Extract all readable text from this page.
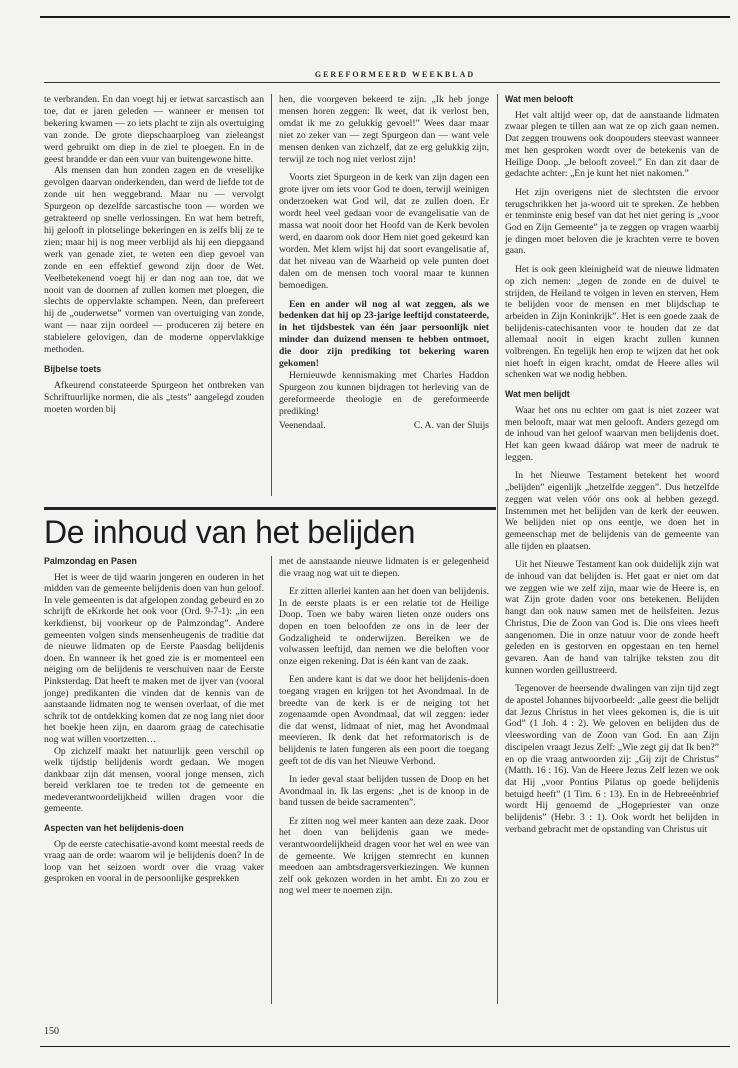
GEREFORMEERD WEEKBLAD

te verbranden. En dan voegt hij er ietwat sarcastisch aan toe, dat er jaren geleden — wanneer er mensen tot bekering kwamen — zo iets placht te zijn als overtuiging van zonde. De grote diepschaarploeg van zieleangst werd gebruikt om diep in de ziel te ploegen. En in de geest brandde er dan een vuur van buitengewone hitte.

Als mensen dan hun zonden zagen en de vreselijke gevolgen daarvan onderkenden, dan werd de liefde tot de zonde uit hen weggebrand. Maar nu — vervolgt Spurgeon op dezelfde sarcastische toon — worden we getrakteerd op snelle verlossingen. En wat hem betreft, hij gelooft in plotselinge bekeringen en is zelfs blij ze te zien; maar hij is nog meer verblijd als hij een diepgaand werk van genade ziet, te weten een diep gevoel van zonde en een effektief gewond zijn door de Wet. Veelbetekenend voegt hij er dan nog aan toe, dat we nooit van de doornen af zullen komen met ploegen, die slechts de oppervlakte schampen. Neen, dan prefereert hij de „ouderwetse” vormen van overtuiging van zonde, want — naar zijn oordeel — produceren zij betere en stabielere gelovigen, dan de moderne oppervlakkige methoden.

Bijbelse toets

Afkeurend constateerde Spurgeon het ontbreken van Schriftuurlijke normen, die als „tests” aangelegd zouden moeten worden bij

hen, die voorgeven bekeerd te zijn. „Ik heb jonge mensen horen zeggen: Ik weet, dat ik verlost ben, omdat ik me zo gelukkig gevoel!” Wees daar maar niet zo zeker van — zegt Spurgeon dan — want vele mensen denken van zichzelf, dat ze erg gelukkig zijn, terwijl ze toch nog niet verlost zijn!

Voorts ziet Spurgeon in de kerk van zijn dagen een grote ijver om iets voor God te doen, terwijl weinigen onderzoeken wat God wil, dat ze zullen doen. Er wordt heel veel gedaan voor de evangelisatie van de massa wat nooit door het Hoofd van de Kerk bevolen werd, en daarom ook door Hem niet goed gekeurd kan worden. Met klem wijst hij dat soort evangelisatie af, dat het niveau van de Waarheid op vele punten doet dalen om de mensen toch vooral maar te kunnen bemoedigen.

Een en ander wil nog al wat zeggen, als we bedenken dat hij op 23-jarige leeftijd constateerde, in het tijdsbestek van één jaar persoonlijk niet minder dan duizend mensen te hebben ontmoet, die door zijn prediking tot bekering waren gekomen!

Hernieuwde kennismaking met Charles Haddon Spurgeon zou kunnen bijdragen tot herleving van de gereformeerde theologie en de gereformeerde prediking!

Veenendaal.	C. A. van der Sluijs
Wat men belooft

Het valt altijd weer op, dat de aanstaande lidmaten zwaar plegen te tillen aan wat ze op zich gaan nemen. Dat zeggen trouwens ook doopouders steevast wanneer met hen gesproken wordt over de betekenis van de Heilige Doop. „Je belooft zoveel.” En dan zit daar de gedachte achter: „En je kunt het niet nakomen.”

Het zijn overigens niet de slechtsten die ervoor terugschrikken het ja-woord uit te spreken. Ze hebben er tenminste enig besef van dat het niet gering is „voor God en Zijn Gemeente” ja te zeggen op vragen waarbij je dingen moet beloven die je krachten verre te boven gaan.

Het is ook geen kleinigheid wat de nieuwe lidmaten op zich nemen: „tegen de zonde en de duivel te strijden, de Heiland te volgen in leven en sterven, Hem te belijden voor de mensen en met blijdschap te arbeiden in Zijn Koninkrijk”. Het is een goede zaak de belijdenis-catechisanten voor te houden dat ze dat allemaal nooit in eigen kracht zullen kunnen volbrengen. En tegelijk hen erop te wijzen dat het ook niet hoeft in eigen kracht, omdat de Heere alles wil schenken wat we nodig hebben.

Wat men belijdt

Waar het ons nu echter om gaat is niet zozeer wat men belooft, maar wat men gelooft. Anders gezegd om de inhoud van het geloof waarvan men belijdenis doet. Het kan geen kwaad dáárop wat meer de nadruk te leggen.

In het Nieuwe Testament betekent het woord „belijden” eigenlijk „hetzelfde zeggen”. Dus hetzelfde zeggen wat velen vóór ons ook al hebben gezegd. Instemmen met het belijden van de kerk der eeuwen. We belijden niet op ons eentje, we doen het in gemeenschap met de belijdenis van de gemeente van alle tijden en plaatsen.

Uit het Nieuwe Testament kan ook duidelijk zijn wat de inhoud van dat belijden is. Het gaat er niet om dat we zeggen wie we zelf zijn, maar wie de Heere is, en wat Zijn grote daden voor ons betekenen. Belijden hangt dan ook nauw samen met de heilsfeiten. Jezus Christus, Die de Zoon van God is. Die ons vlees heeft aangenomen. Die in onze natuur voor de zonde heeft geleden en is gestorven en opgestaan en ten hemel gevaren. Aan de hand van talrijke teksten zou dit kunnen worden geïllustreerd.

Tegenover de heersende dwalingen van zijn tijd zegt de apostel Johannes bijvoorbeeld: „alle geest die belijdt dat Jezus Christus in het vlees gekomen is, die is uit God” (1 Joh. 4 : 2). We geloven en belijden dus de vleeswording van de Zoon van God. En aan Zijn discipelen vraagt Jezus Zelf: „Wie zegt gij dat Ik ben?” en op die vraag antwoorden zij: „Gij zijt de Christus” (Matth. 16 : 16). Van de Heere Jezus Zelf lezen we ook dat Hij „voor Pontius Pilatus op goede belijdenis betuigd heeft” (1 Tim. 6 : 13). En in de Hebreeënbrief wordt Hij genoemd de „Hogepriester van onze belijdenis” (Hebr. 3 : 1). Ook wordt het belijden in verband gebracht met de opstanding van Christus uit

De inhoud van het belijden
Palmzondag en Pasen

Het is weer de tijd waarin jongeren en ouderen in het midden van de gemeente belijdenis doen van hun geloof. In vele gemeenten is dat afgelopen zondag gebeurd en zo schrijft de eKrkorde het ook voor (Ord. 9-7-1): „in een kerkdienst, bij voorkeur op de Palmzondag”. Andere gemeenten volgen sinds mensenheugenis de traditie dat de nieuwe lidmaten op de Eerste Paasdag belijdenis doen. En wanneer ik het goed zie is er momenteel een neiging om de belijdenis te verschuiven naar de Eerste Pinksterdag. Dat heeft te maken met de ijver van (vooral jonge) predikanten die vinden dat de kennis van de aanstaande lidmaten nog te wensen overlaat, of die met schrik tot de ontdekking komen dat ze nog lang niet door het boekje heen zijn, en daarom graag de catechisatie nog wat willen voortzetten…

Op zichzelf maakt het natuurlijk geen verschil op welk tijdstip belijdenis wordt gedaan. We mogen dankbaar zijn dát mensen, vooral jonge mensen, zich bereid verklaren toe te treden tot de gemeente en medeverantwoordelijkheid willen dragen voor die gemeente.

Aspecten van het belijdenis-doen

Op de eerste catechisatie-avond komt meestal reeds de vraag aan de orde: waarom wil je belijdenis doen? In de loop van het seizoen wordt over die vraag vaker gesproken en vooral in de persoonlijke gesprekken

met de aanstaande nieuwe lidmaten is er gelegenheid die vraag nog wat uit te diepen.

Er zitten allerlei kanten aan het doen van belijdenis. In de eerste plaats is er een relatie tot de Heilige Doop. Toen we baby waren lieten onze ouders ons dopen en toen beloofden ze ons in de leer der Godzaligheid te onderwijzen. Bereiken we de volwassen leeftijd, dan nemen we die beloften voor onze eigen rekening. Dat is één kant van de zaak.

Een andere kant is dat we door het belijdenis-doen toegang vragen en krijgen tot het Avondmaal. In de breedte van de kerk is er de neiging tot het zogenaamde open Avondmaal, dat wil zeggen: ieder die dat wenst, lidmaat of niet, mag het Avondmaal meevieren. Ik denk dat het reformatorisch is de belijdenis te laten fungeren als een poort die toegang geeft tot de dis van het Nieuwe Verbond.

In ieder geval staat belijden tussen de Doop en het Avondmaal in. Ik las ergens: „het is de knoop in de band tussen de beide sacramenten”.

Er zitten nog wel meer kanten aan deze zaak. Door het doen van belijdenis gaan we mede-verantwoordelijkheid dragen voor het wel en wee van de gemeente. We krijgen stemrecht en kunnen meedoen aan ambtsdragersverkiezingen. We kunnen zelf ook gekozen worden in het ambt. En zo zou er nog wel meer te noemen zijn.

150
